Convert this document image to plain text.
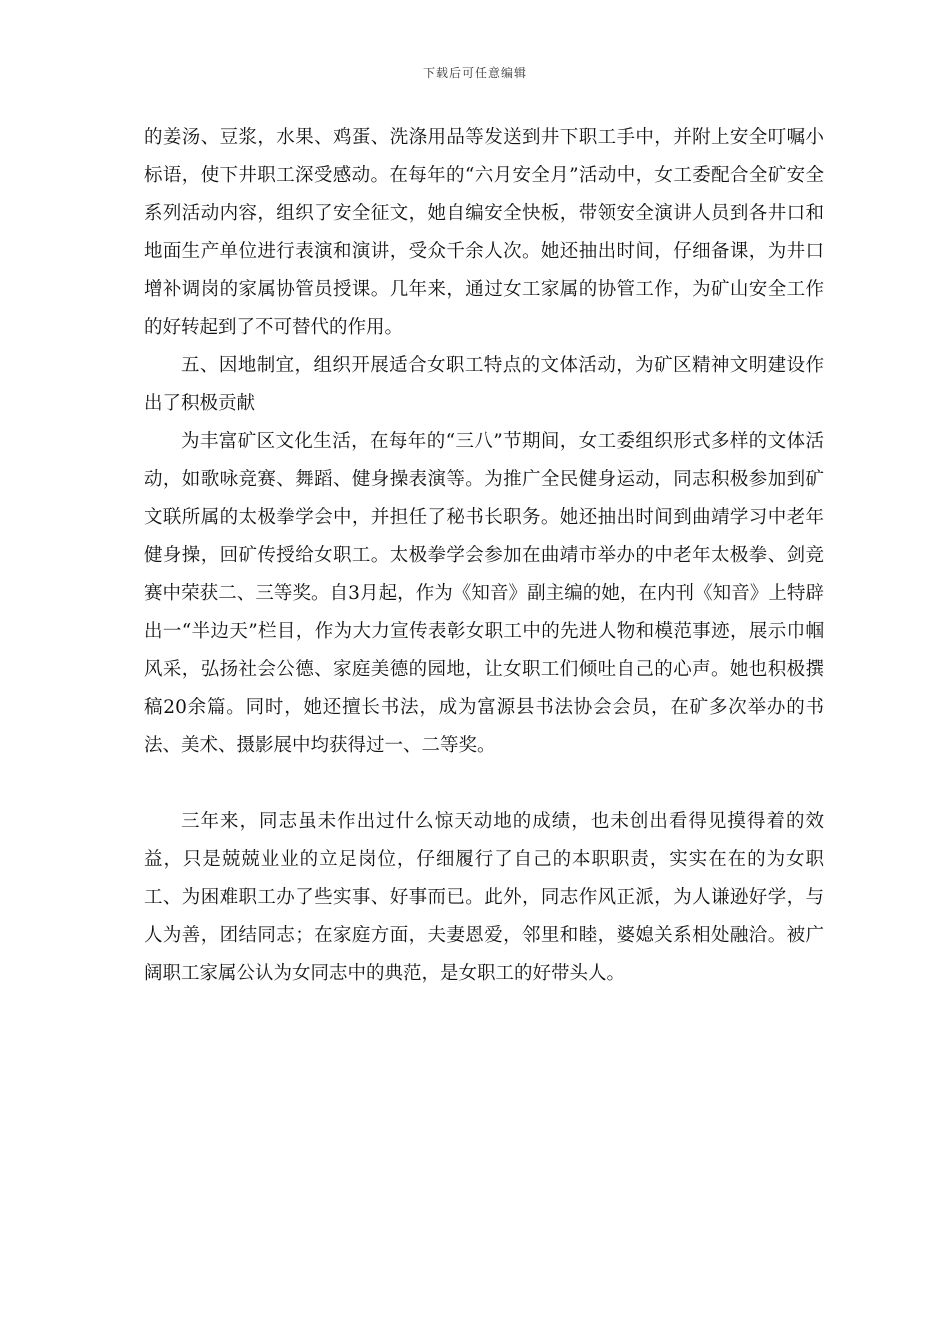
下载后可任意编辑

的姜汤、豆浆，水果、鸡蛋、洗涤用品等发送到井下职工手中，并附上安全叮嘱小标语，使下井职工深受感动。在每年的“六月安全月”活动中，女工委配合全矿安全系列活动内容，组织了安全征文，她自编安全快板，带领安全演讲人员到各井口和地面生产单位进行表演和演讲，受众千余人次。她还抽出时间，仔细备课，为井口增补调岗的家属协管员授课。几年来，通过女工家属的协管工作，为矿山安全工作的好转起到了不可替代的作用。

五、因地制宜，组织开展适合女职工特点的文体活动，为矿区精神文明建设作出了积极贡献

为丰富矿区文化生活，在每年的“三八”节期间，女工委组织形式多样的文体活动，如歌咏竞赛、舞蹈、健身操表演等。为推广全民健身运动，同志积极参加到矿文联所属的太极拳学会中，并担任了秘书长职务。她还抽出时间到曲靖学习中老年健身操，回矿传授给女职工。太极拳学会参加在曲靖市举办的中老年太极拳、剑竞赛中荣获二、三等奖。自3月起，作为《知音》副主编的她，在内刊《知音》上特辟出一“半边天”栏目，作为大力宣传表彰女职工中的先进人物和模范事迹，展示巾帼风采，弘扬社会公德、家庭美德的园地，让女职工们倾吐自己的心声。她也积极撰稿20余篇。同时，她还擅长书法，成为富源县书法协会会员，在矿多次举办的书法、美术、摄影展中均获得过一、二等奖。

三年来，同志虽未作出过什么惊天动地的成绩，也未创出看得见摸得着的效益，只是兢兢业业的立足岗位，仔细履行了自己的本职职责，实实在在的为女职工、为困难职工办了些实事、好事而已。此外，同志作风正派，为人谦逊好学，与人为善，团结同志；在家庭方面，夫妻恩爱，邻里和睦，婆媳关系相处融洽。被广阔职工家属公认为女同志中的典范，是女职工的好带头人。
